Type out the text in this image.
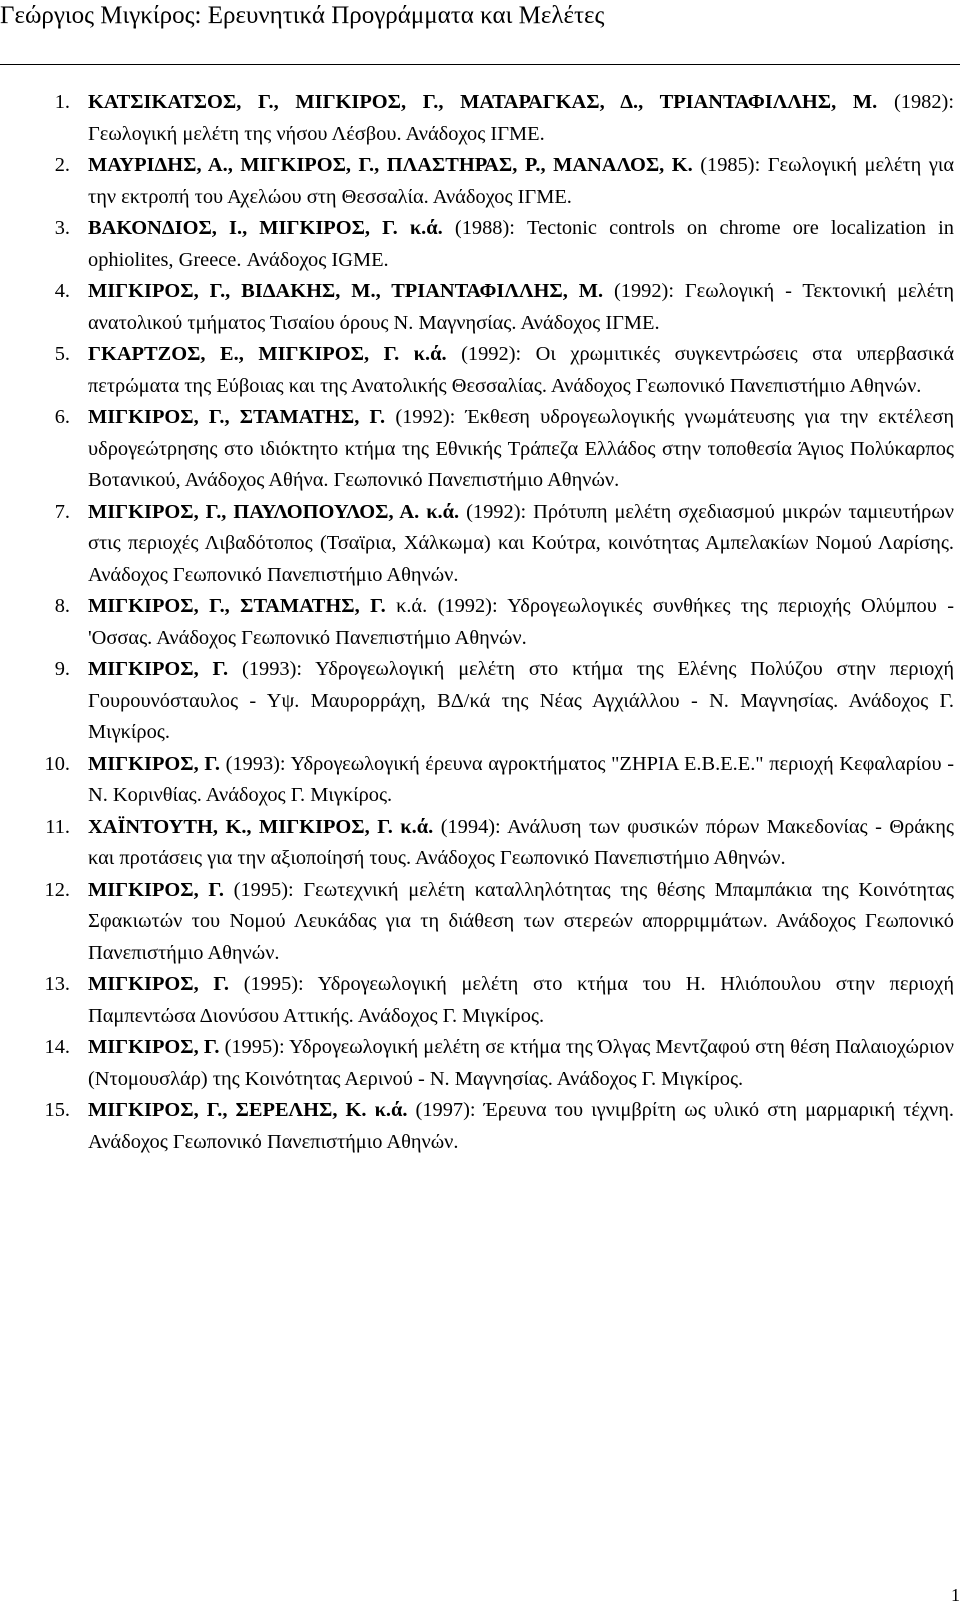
Γεώργιος Μιγκίρος: Ερευνητικά Προγράμματα και Μελέτες
1. ΚΑΤΣΙΚΑΤΣΟΣ, Γ., ΜΙΓΚΙΡΟΣ, Γ., ΜΑΤΑΡΑΓΚΑΣ, Δ., ΤΡΙΑΝΤΑΦΙΛΛΗΣ, Μ. (1982): Γεωλογική μελέτη της νήσου Λέσβου. Ανάδοχος ΙΓΜΕ.
2. ΜΑΥΡΙΔΗΣ, Α., ΜΙΓΚΙΡΟΣ, Γ., ΠΛΑΣΤΗΡΑΣ, Ρ., ΜΑΝΑΛΟΣ, Κ. (1985): Γεωλογική μελέτη για την εκτροπή του Αχελώου στη Θεσσαλία. Ανάδοχος ΙΓΜΕ.
3. ΒΑΚΟΝΔΙΟΣ, Ι., ΜΙΓΚΙΡΟΣ, Γ. κ.ά. (1988): Tectonic controls on chrome ore localization in ophiolites, Greece. Ανάδοχος IGME.
4. ΜΙΓΚΙΡΟΣ, Γ., ΒΙΔΑΚΗΣ, Μ., ΤΡΙΑΝΤΑΦΙΛΛΗΣ, Μ. (1992): Γεωλογική - Τεκτονική μελέτη ανατολικού τμήματος Τισαίου όρους Ν. Μαγνησίας. Ανάδοχος ΙΓΜΕ.
5. ΓΚΑΡΤΖΟΣ, Ε., ΜΙΓΚΙΡΟΣ, Γ. κ.ά. (1992): Οι χρωμιτικές συγκεντρώσεις στα υπερβασικά πετρώματα της Εύβοιας και της Ανατολικής Θεσσαλίας. Ανάδοχος Γεωπονικό Πανεπιστήμιο Αθηνών.
6. ΜΙΓΚΙΡΟΣ, Γ., ΣΤΑΜΑΤΗΣ, Γ. (1992): Έκθεση υδρογεωλογικής γνωμάτευσης για την εκτέλεση υδρογεώτρησης στο ιδιόκτητο κτήμα της Εθνικής Τράπεζα Ελλάδος στην τοποθεσία Άγιος Πολύκαρπος Βοτανικού, Ανάδοχος Αθήνα. Γεωπονικό Πανεπιστήμιο Αθηνών.
7. ΜΙΓΚΙΡΟΣ, Γ., ΠΑΥΛΟΠΟΥΛΟΣ, Α. κ.ά. (1992): Πρότυπη μελέτη σχεδιασμού μικρών ταμιευτήρων στις περιοχές Λιβαδότοπος (Τσαϊρια, Χάλκωμα) και Κούτρα, κοινότητας Αμπελακίων Νομού Λαρίσης. Ανάδοχος Γεωπονικό Πανεπιστήμιο Αθηνών.
8. ΜΙΓΚΙΡΟΣ, Γ., ΣΤΑΜΑΤΗΣ, Γ. κ.ά. (1992): Υδρογεωλογικές συνθήκες της περιοχής Ολύμπου - 'Οσσας. Ανάδοχος Γεωπονικό Πανεπιστήμιο Αθηνών.
9. ΜΙΓΚΙΡΟΣ, Γ. (1993): Υδρογεωλογική μελέτη στο κτήμα της Ελένης Πολύζου στην περιοχή Γουρουνόσταυλος - Υψ. Μαυρορράχη, ΒΔ/κά της Νέας Αγχιάλλου - Ν. Μαγνησίας. Ανάδοχος Γ. Μιγκίρος.
10. ΜΙΓΚΙΡΟΣ, Γ. (1993): Υδρογεωλογική έρευνα αγροκτήματος "ΖΗΡΙΑ Ε.Β.Ε.Ε." περιοχή Κεφαλαρίου - Ν. Κορινθίας. Ανάδοχος Γ. Μιγκίρος.
11. ΧΑΪΝΤΟΥΤΗ, Κ., ΜΙΓΚΙΡΟΣ, Γ. κ.ά. (1994): Ανάλυση των φυσικών πόρων Μακεδονίας - Θράκης και προτάσεις για την αξιοποίησή τους. Ανάδοχος Γεωπονικό Πανεπιστήμιο Αθηνών.
12. ΜΙΓΚΙΡΟΣ, Γ. (1995): Γεωτεχνική μελέτη καταλληλότητας της θέσης Μπαμπάκια της Κοινότητας Σφακιωτών του Νομού Λευκάδας για τη διάθεση των στερεών απορριμμάτων. Ανάδοχος Γεωπονικό Πανεπιστήμιο Αθηνών.
13. ΜΙΓΚΙΡΟΣ, Γ. (1995): Υδρογεωλογική μελέτη στο κτήμα του Η. Ηλιόπουλου στην περιοχή Παμπεντώσα Διονύσου Αττικής. Ανάδοχος Γ. Μιγκίρος.
14. ΜΙΓΚΙΡΟΣ, Γ. (1995): Υδρογεωλογική μελέτη σε κτήμα της Όλγας Μεντζαφού στη θέση Παλαιοχώριον (Ντομουσλάρ) της Κοινότητας Αερινού - Ν. Μαγνησίας. Ανάδοχος Γ. Μιγκίρος.
15. ΜΙΓΚΙΡΟΣ, Γ., ΣΕΡΕΛΗΣ, Κ. κ.ά. (1997): Έρευνα του ιγνιμβρίτη ως υλικό στη μαρμαρική τέχνη. Ανάδοχος Γεωπονικό Πανεπιστήμιο Αθηνών.
1
